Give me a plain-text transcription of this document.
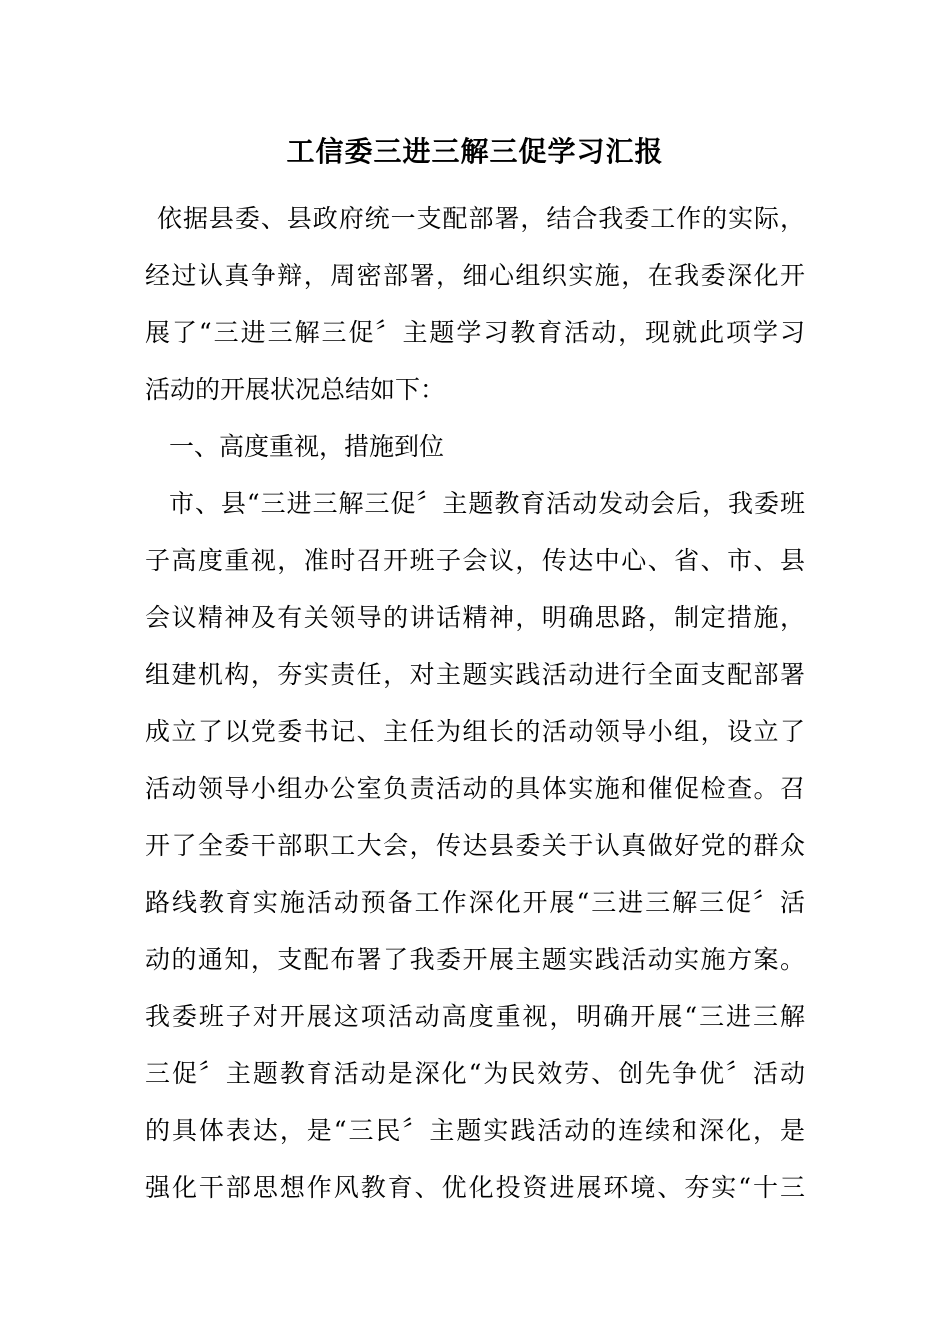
工信委三进三解三促学习汇报
依据县委、县政府统一支配部署，结合我委工作的实际，
经过认真争辩，周密部署，细心组织实施，在我委深化开
展了“三进三解三促〞主题学习教育活动，现就此项学习
活动的开展状况总结如下：
一、高度重视，措施到位
市、县“三进三解三促〞主题教育活动发动会后，我委班
子高度重视，准时召开班子会议，传达中心、省、市、县
会议精神及有关领导的讲话精神，明确思路，制定措施，
组建机构，夯实责任，对主题实践活动进行全面支配部署
成立了以党委书记、主任为组长的活动领导小组，设立了
活动领导小组办公室负责活动的具体实施和催促检查。召
开了全委干部职工大会，传达县委关于认真做好党的群众
路线教育实施活动预备工作深化开展“三进三解三促〞活
动的通知，支配布署了我委开展主题实践活动实施方案。
我委班子对开展这项活动高度重视，明确开展“三进三解
三促〞主题教育活动是深化“为民效劳、创先争优〞活动
的具体表达，是“三民〞主题实践活动的连续和深化，是
强化干部思想作风教育、优化投资进展环境、夯实“十三
